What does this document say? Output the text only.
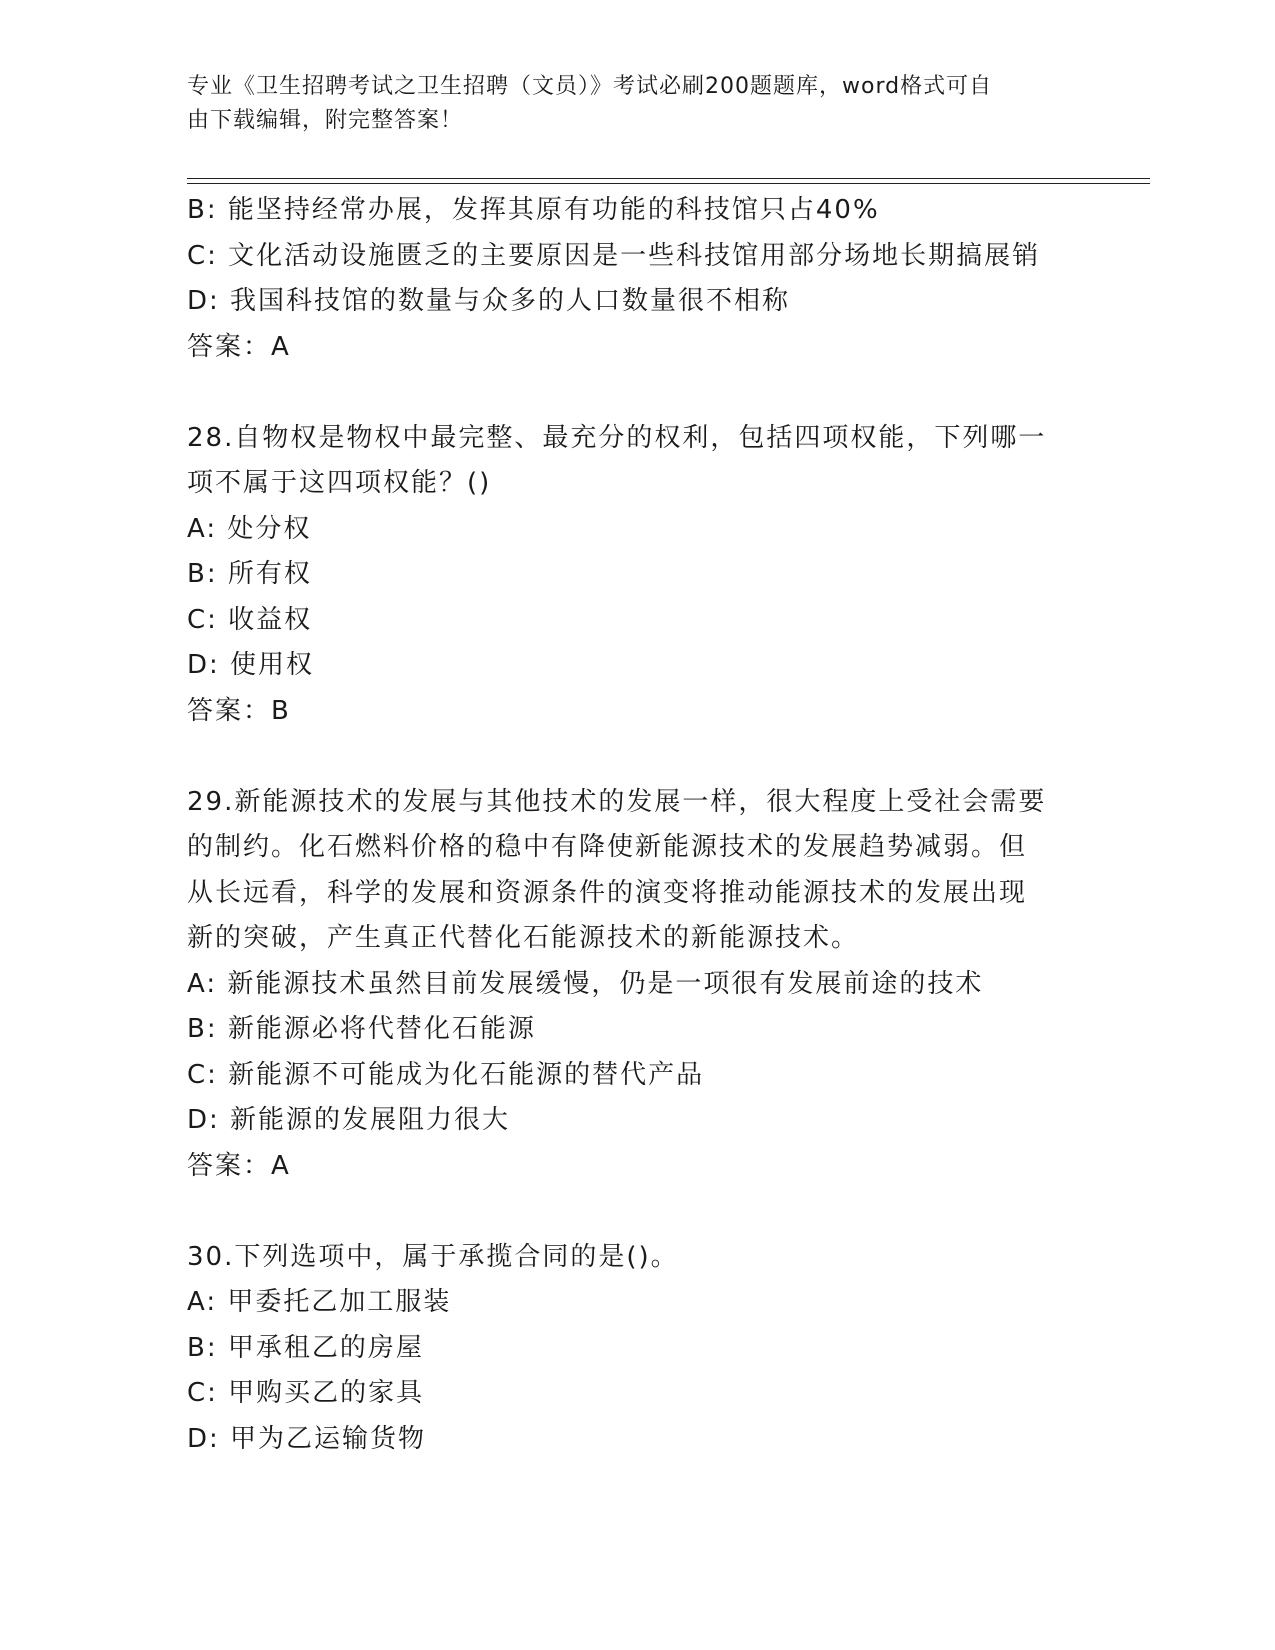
专业《卫生招聘考试之卫生招聘（文员）》考试必刷200题题库，word格式可自
由下载编辑，附完整答案！
B: 能坚持经常办展，发挥其原有功能的科技馆只占40%
C: 文化活动设施匮乏的主要原因是一些科技馆用部分场地长期搞展销
D: 我国科技馆的数量与众多的人口数量很不相称
答案：A
28.自物权是物权中最完整、最充分的权利，包括四项权能，下列哪一
项不属于这四项权能？()
A: 处分权
B: 所有权
C: 收益权
D: 使用权
答案：B
29.新能源技术的发展与其他技术的发展一样，很大程度上受社会需要
的制约。化石燃料价格的稳中有降使新能源技术的发展趋势减弱。但
从长远看，科学的发展和资源条件的演变将推动能源技术的发展出现
新的突破，产生真正代替化石能源技术的新能源技术。
A: 新能源技术虽然目前发展缓慢，仍是一项很有发展前途的技术
B: 新能源必将代替化石能源
C: 新能源不可能成为化石能源的替代产品
D: 新能源的发展阻力很大
答案：A
30.下列选项中，属于承揽合同的是()。
A: 甲委托乙加工服装
B: 甲承租乙的房屋
C: 甲购买乙的家具
D: 甲为乙运输货物
